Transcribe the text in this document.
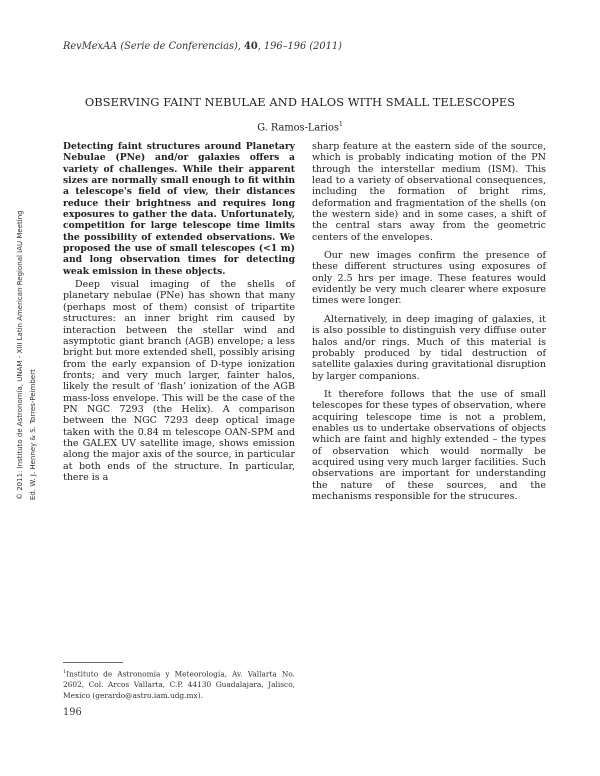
RevMexAA (Serie de Conferencias), 40, 196–196 (2011)
OBSERVING FAINT NEBULAE AND HALOS WITH SMALL TELESCOPES
G. Ramos-Larios$^1$
© 2011: Instituto de Astronomía, UNAM - XIII Latin American Regional IAU Meeting Ed. W. J. Henney & S. Torres-Peimbert

Detecting faint structures around Planetary Nebulae (PNe) and/or galaxies offers a variety of challenges. While their apparent sizes are normally small enough to fit within a telescope's field of view, their distances reduce their brightness and requires long exposures to gather the data. Unfortunately, competition for large telescope time limits the possibility of extended observations. We proposed the use of small telescopes (<1 m) and long observation times for detecting weak emission in these objects.

Deep visual imaging of the shells of planetary nebulae (PNe) has shown that many (perhaps most of them) consist of tripartite structures: an inner bright rim caused by interaction between the stellar wind and asymptotic giant branch (AGB) envelope; a less bright but more extended shell, possibly arising from the early expansion of D-type ionization fronts; and very much larger, fainter halos, likely the result of ‘flash’ ionization of the AGB mass-loss envelope. This will be the case of the PN NGC 7293 (the Helix). A comparison between the NGC 7293 deep optical image taken with the 0.84 m telescope OAN-SPM and the GALEX UV satellite image, shows emission along the major axis of the source, in particular at both ends of the structure. In particular, there is a

sharp feature at the eastern side of the source, which is probably indicating motion of the PN through the interstellar medium (ISM). This lead to a variety of observational consequences, including the formation of bright rims, deformation and fragmentation of the shells (on the western side) and in some cases, a shift of the central stars away from the geometric centers of the envelopes.

Our new images confirm the presence of these different structures using exposures of only 2.5 hrs per image. These features would evidently be very much clearer where exposure times were longer.

Alternatively, in deep imaging of galaxies, it is also possible to distinguish very diffuse outer halos and/or rings. Much of this material is probably produced by tidal destruction of satellite galaxies during gravitational disruption by larger companions.

It therefore follows that the use of small telescopes for these types of observation, where acquiring telescope time is not a problem, enables us to undertake observations of objects which are faint and highly extended – the types of observation which would normally be acquired using very much larger facilities. Such observations are important for understanding the nature of these sources, and the mechanisms responsible for the strucures.

$^1$Instituto de Astronomía y Meteorología, Av. Vallarta No. 2602, Col. Arcos Vallarta, C.P. 44130 Guadalajara, Jalisco, Mexico (gerardo@astro.iam.udg.mx).
196
